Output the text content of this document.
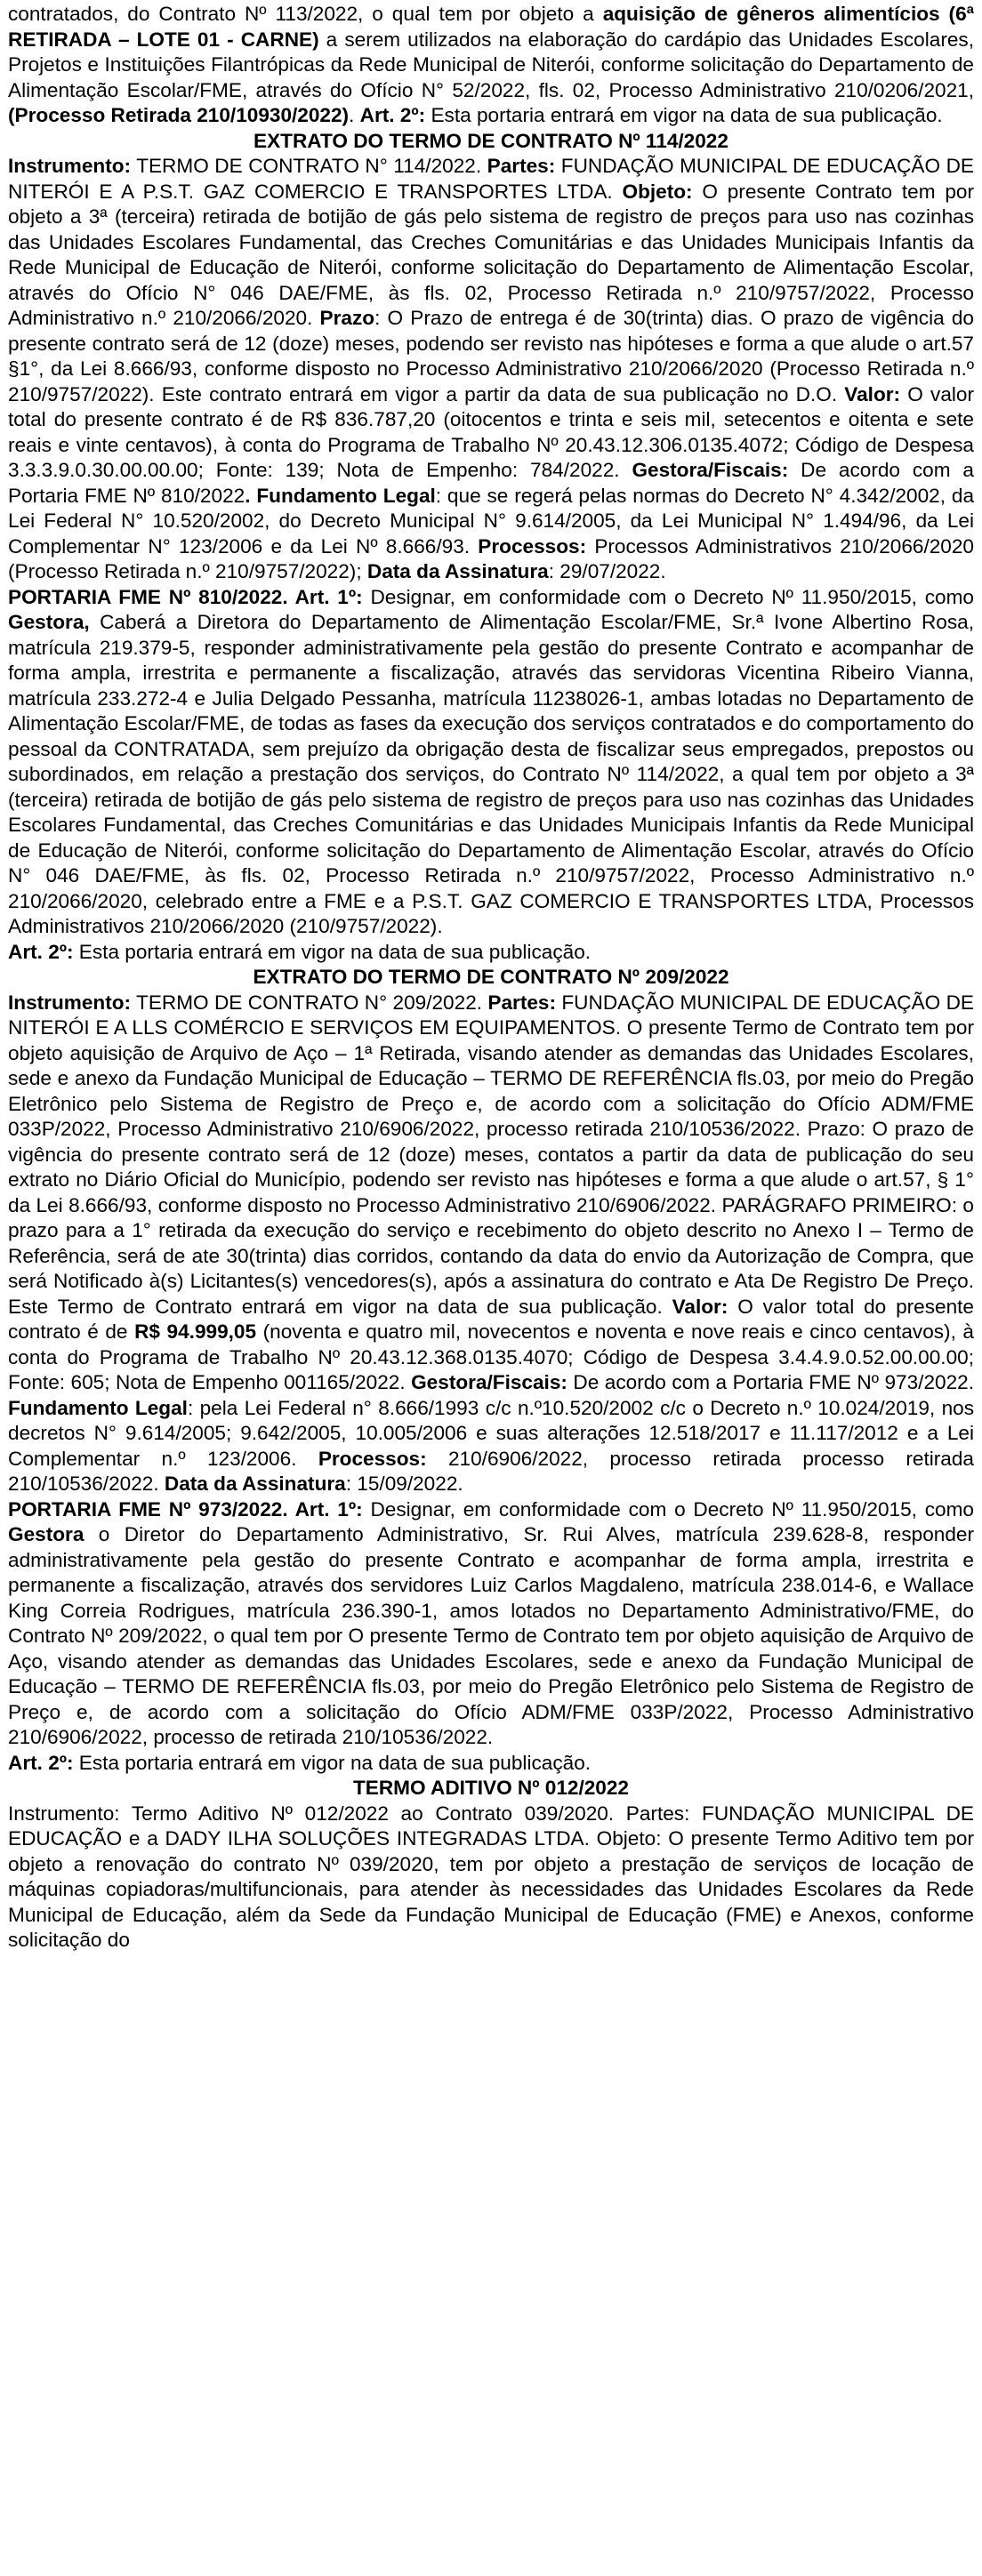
contratados, do Contrato Nº 113/2022, o qual tem por objeto a aquisição de gêneros alimentícios (6ª RETIRADA – LOTE 01 - CARNE) a serem utilizados na elaboração do cardápio das Unidades Escolares, Projetos e Instituições Filantrópicas da Rede Municipal de Niterói, conforme solicitação do Departamento de Alimentação Escolar/FME, através do Ofício N° 52/2022, fls. 02, Processo Administrativo 210/0206/2021, (Processo Retirada 210/10930/2022). Art. 2º: Esta portaria entrará em vigor na data de sua publicação.

EXTRATO DO TERMO DE CONTRATO Nº 114/2022

Instrumento: TERMO DE CONTRATO N° 114/2022. Partes: FUNDAÇÃO MUNICIPAL DE EDUCAÇÃO DE NITERÓI E A P.S.T. GAZ COMERCIO E TRANSPORTES LTDA. Objeto: O presente Contrato tem por objeto a 3ª (terceira) retirada de botijão de gás pelo sistema de registro de preços para uso nas cozinhas das Unidades Escolares Fundamental, das Creches Comunitárias e das Unidades Municipais Infantis da Rede Municipal de Educação de Niterói, conforme solicitação do Departamento de Alimentação Escolar, através do Ofício N° 046 DAE/FME, às fls. 02, Processo Retirada n.º 210/9757/2022, Processo Administrativo n.º 210/2066/2020. Prazo: O Prazo de entrega é de 30(trinta) dias. O prazo de vigência do presente contrato será de 12 (doze) meses, podendo ser revisto nas hipóteses e forma a que alude o art.57 §1°, da Lei 8.666/93, conforme disposto no Processo Administrativo 210/2066/2020 (Processo Retirada n.º 210/9757/2022). Este contrato entrará em vigor a partir da data de sua publicação no D.O. Valor: O valor total do presente contrato é de R$ 836.787,20 (oitocentos e trinta e seis mil, setecentos e oitenta e sete reais e vinte centavos), à conta do Programa de Trabalho Nº 20.43.12.306.0135.4072; Código de Despesa 3.3.3.9.0.30.00.00.00; Fonte: 139; Nota de Empenho: 784/2022. Gestora/Fiscais: De acordo com a Portaria FME Nº 810/2022. Fundamento Legal: que se regerá pelas normas do Decreto N° 4.342/2002, da Lei Federal N° 10.520/2002, do Decreto Municipal N° 9.614/2005, da Lei Municipal N° 1.494/96, da Lei Complementar N° 123/2006 e da Lei Nº 8.666/93. Processos: Processos Administrativos 210/2066/2020 (Processo Retirada n.º 210/9757/2022); Data da Assinatura: 29/07/2022.

PORTARIA FME Nº 810/2022. Art. 1º: Designar, em conformidade com o Decreto Nº 11.950/2015, como Gestora, Caberá a Diretora do Departamento de Alimentação Escolar/FME, Sr.ª Ivone Albertino Rosa, matrícula 219.379-5, responder administrativamente pela gestão do presente Contrato e acompanhar de forma ampla, irrestrita e permanente a fiscalização, através das servidoras Vicentina Ribeiro Vianna, matrícula 233.272-4 e Julia Delgado Pessanha, matrícula 11238026-1, ambas lotadas no Departamento de Alimentação Escolar/FME, de todas as fases da execução dos serviços contratados e do comportamento do pessoal da CONTRATADA, sem prejuízo da obrigação desta de fiscalizar seus empregados, prepostos ou subordinados, em relação a prestação dos serviços, do Contrato Nº 114/2022, a qual tem por objeto a 3ª (terceira) retirada de botijão de gás pelo sistema de registro de preços para uso nas cozinhas das Unidades Escolares Fundamental, das Creches Comunitárias e das Unidades Municipais Infantis da Rede Municipal de Educação de Niterói, conforme solicitação do Departamento de Alimentação Escolar, através do Ofício N° 046 DAE/FME, às fls. 02, Processo Retirada n.º 210/9757/2022, Processo Administrativo n.º 210/2066/2020, celebrado entre a FME e a P.S.T. GAZ COMERCIO E TRANSPORTES LTDA, Processos Administrativos 210/2066/2020 (210/9757/2022).

Art. 2º: Esta portaria entrará em vigor na data de sua publicação.

EXTRATO DO TERMO DE CONTRATO Nº 209/2022

Instrumento: TERMO DE CONTRATO N° 209/2022. Partes: FUNDAÇÃO MUNICIPAL DE EDUCAÇÃO DE NITERÓI E A LLS COMÉRCIO E SERVIÇOS EM EQUIPAMENTOS. O presente Termo de Contrato tem por objeto aquisição de Arquivo de Aço – 1ª Retirada, visando atender as demandas das Unidades Escolares, sede e anexo da Fundação Municipal de Educação – TERMO DE REFERÊNCIA fls.03, por meio do Pregão Eletrônico pelo Sistema de Registro de Preço e, de acordo com a solicitação do Ofício ADM/FME 033P/2022, Processo Administrativo 210/6906/2022, processo retirada 210/10536/2022. Prazo: O prazo de vigência do presente contrato será de 12 (doze) meses, contatos a partir da data de publicação do seu extrato no Diário Oficial do Município, podendo ser revisto nas hipóteses e forma a que alude o art.57, § 1° da Lei 8.666/93, conforme disposto no Processo Administrativo 210/6906/2022. PARÁGRAFO PRIMEIRO: o prazo para a 1° retirada da execução do serviço e recebimento do objeto descrito no Anexo I – Termo de Referência, será de ate 30(trinta) dias corridos, contando da data do envio da Autorização de Compra, que será Notificado à(s) Licitantes(s) vencedores(s), após a assinatura do contrato e Ata De Registro De Preço. Este Termo de Contrato entrará em vigor na data de sua publicação. Valor: O valor total do presente contrato é de R$ 94.999,05 (noventa e quatro mil, novecentos e noventa e nove reais e cinco centavos), à conta do Programa de Trabalho Nº 20.43.12.368.0135.4070; Código de Despesa 3.4.4.9.0.52.00.00.00; Fonte: 605; Nota de Empenho 001165/2022. Gestora/Fiscais: De acordo com a Portaria FME Nº 973/2022. Fundamento Legal: pela Lei Federal n° 8.666/1993 c/c n.º10.520/2002 c/c o Decreto n.º 10.024/2019, nos decretos N° 9.614/2005; 9.642/2005, 10.005/2006 e suas alterações 12.518/2017 e 11.117/2012 e a Lei Complementar n.º 123/2006. Processos: 210/6906/2022, processo retirada processo retirada 210/10536/2022. Data da Assinatura: 15/09/2022.

PORTARIA FME Nº 973/2022. Art. 1º: Designar, em conformidade com o Decreto Nº 11.950/2015, como Gestora o Diretor do Departamento Administrativo, Sr. Rui Alves, matrícula 239.628-8, responder administrativamente pela gestão do presente Contrato e acompanhar de forma ampla, irrestrita e permanente a fiscalização, através dos servidores Luiz Carlos Magdaleno, matrícula 238.014-6, e Wallace King Correia Rodrigues, matrícula 236.390-1, amos lotados no Departamento Administrativo/FME, do Contrato Nº 209/2022, o qual tem por O presente Termo de Contrato tem por objeto aquisição de Arquivo de Aço, visando atender as demandas das Unidades Escolares, sede e anexo da Fundação Municipal de Educação – TERMO DE REFERÊNCIA fls.03, por meio do Pregão Eletrônico pelo Sistema de Registro de Preço e, de acordo com a solicitação do Ofício ADM/FME 033P/2022, Processo Administrativo 210/6906/2022, processo de retirada 210/10536/2022.

Art. 2º: Esta portaria entrará em vigor na data de sua publicação.

TERMO ADITIVO Nº 012/2022

Instrumento: Termo Aditivo Nº 012/2022 ao Contrato 039/2020. Partes: FUNDAÇÃO MUNICIPAL DE EDUCAÇÃO e a DADY ILHA SOLUÇÕES INTEGRADAS LTDA. Objeto: O presente Termo Aditivo tem por objeto a renovação do contrato Nº 039/2020, tem por objeto a prestação de serviços de locação de máquinas copiadoras/multifuncionais, para atender às necessidades das Unidades Escolares da Rede Municipal de Educação, além da Sede da Fundação Municipal de Educação (FME) e Anexos, conforme solicitação do
